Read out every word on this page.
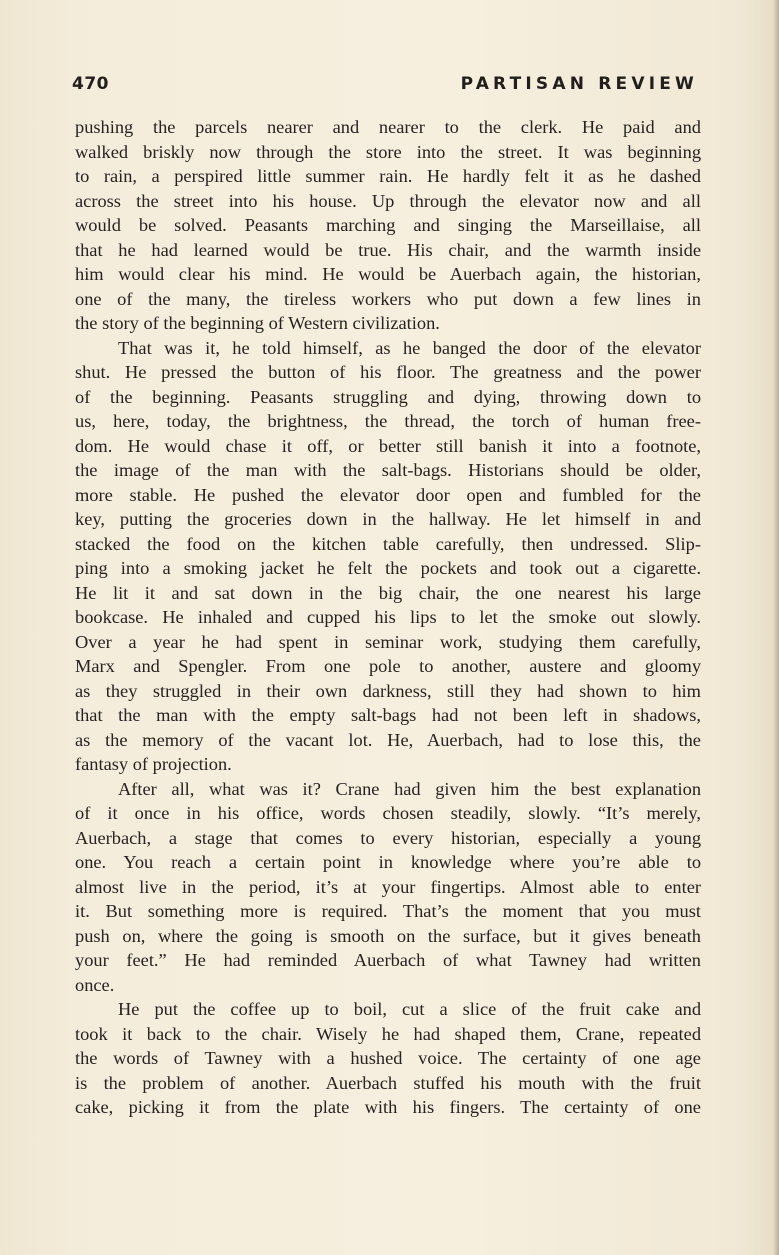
470	PARTISAN REVIEW
pushing the parcels nearer and nearer to the clerk. He paid and
walked briskly now through the store into the street. It was beginning
to rain, a perspired little summer rain. He hardly felt it as he dashed
across the street into his house. Up through the elevator now and all
would be solved. Peasants marching and singing the Marseillaise, all
that he had learned would be true. His chair, and the warmth inside
him would clear his mind. He would be Auerbach again, the historian,
one of the many, the tireless workers who put down a few lines in
the story of the beginning of Western civilization.
That was it, he told himself, as he banged the door of the elevator
shut. He pressed the button of his floor. The greatness and the power
of the beginning. Peasants struggling and dying, throwing down to
us, here, today, the brightness, the thread, the torch of human free-
dom. He would chase it off, or better still banish it into a footnote,
the image of the man with the salt-bags. Historians should be older,
more stable. He pushed the elevator door open and fumbled for the
key, putting the groceries down in the hallway. He let himself in and
stacked the food on the kitchen table carefully, then undressed. Slip-
ping into a smoking jacket he felt the pockets and took out a cigarette.
He lit it and sat down in the big chair, the one nearest his large
bookcase. He inhaled and cupped his lips to let the smoke out slowly.
Over a year he had spent in seminar work, studying them carefully,
Marx and Spengler. From one pole to another, austere and gloomy
as they struggled in their own darkness, still they had shown to him
that the man with the empty salt-bags had not been left in shadows,
as the memory of the vacant lot. He, Auerbach, had to lose this, the
fantasy of projection.
After all, what was it? Crane had given him the best explanation
of it once in his office, words chosen steadily, slowly. “It’s merely,
Auerbach, a stage that comes to every historian, especially a young
one. You reach a certain point in knowledge where you’re able to
almost live in the period, it’s at your fingertips. Almost able to enter
it. But something more is required. That’s the moment that you must
push on, where the going is smooth on the surface, but it gives beneath
your feet.” He had reminded Auerbach of what Tawney had written
once.
He put the coffee up to boil, cut a slice of the fruit cake and
took it back to the chair. Wisely he had shaped them, Crane, repeated
the words of Tawney with a hushed voice. The certainty of one age
is the problem of another. Auerbach stuffed his mouth with the fruit
cake, picking it from the plate with his fingers. The certainty of one
